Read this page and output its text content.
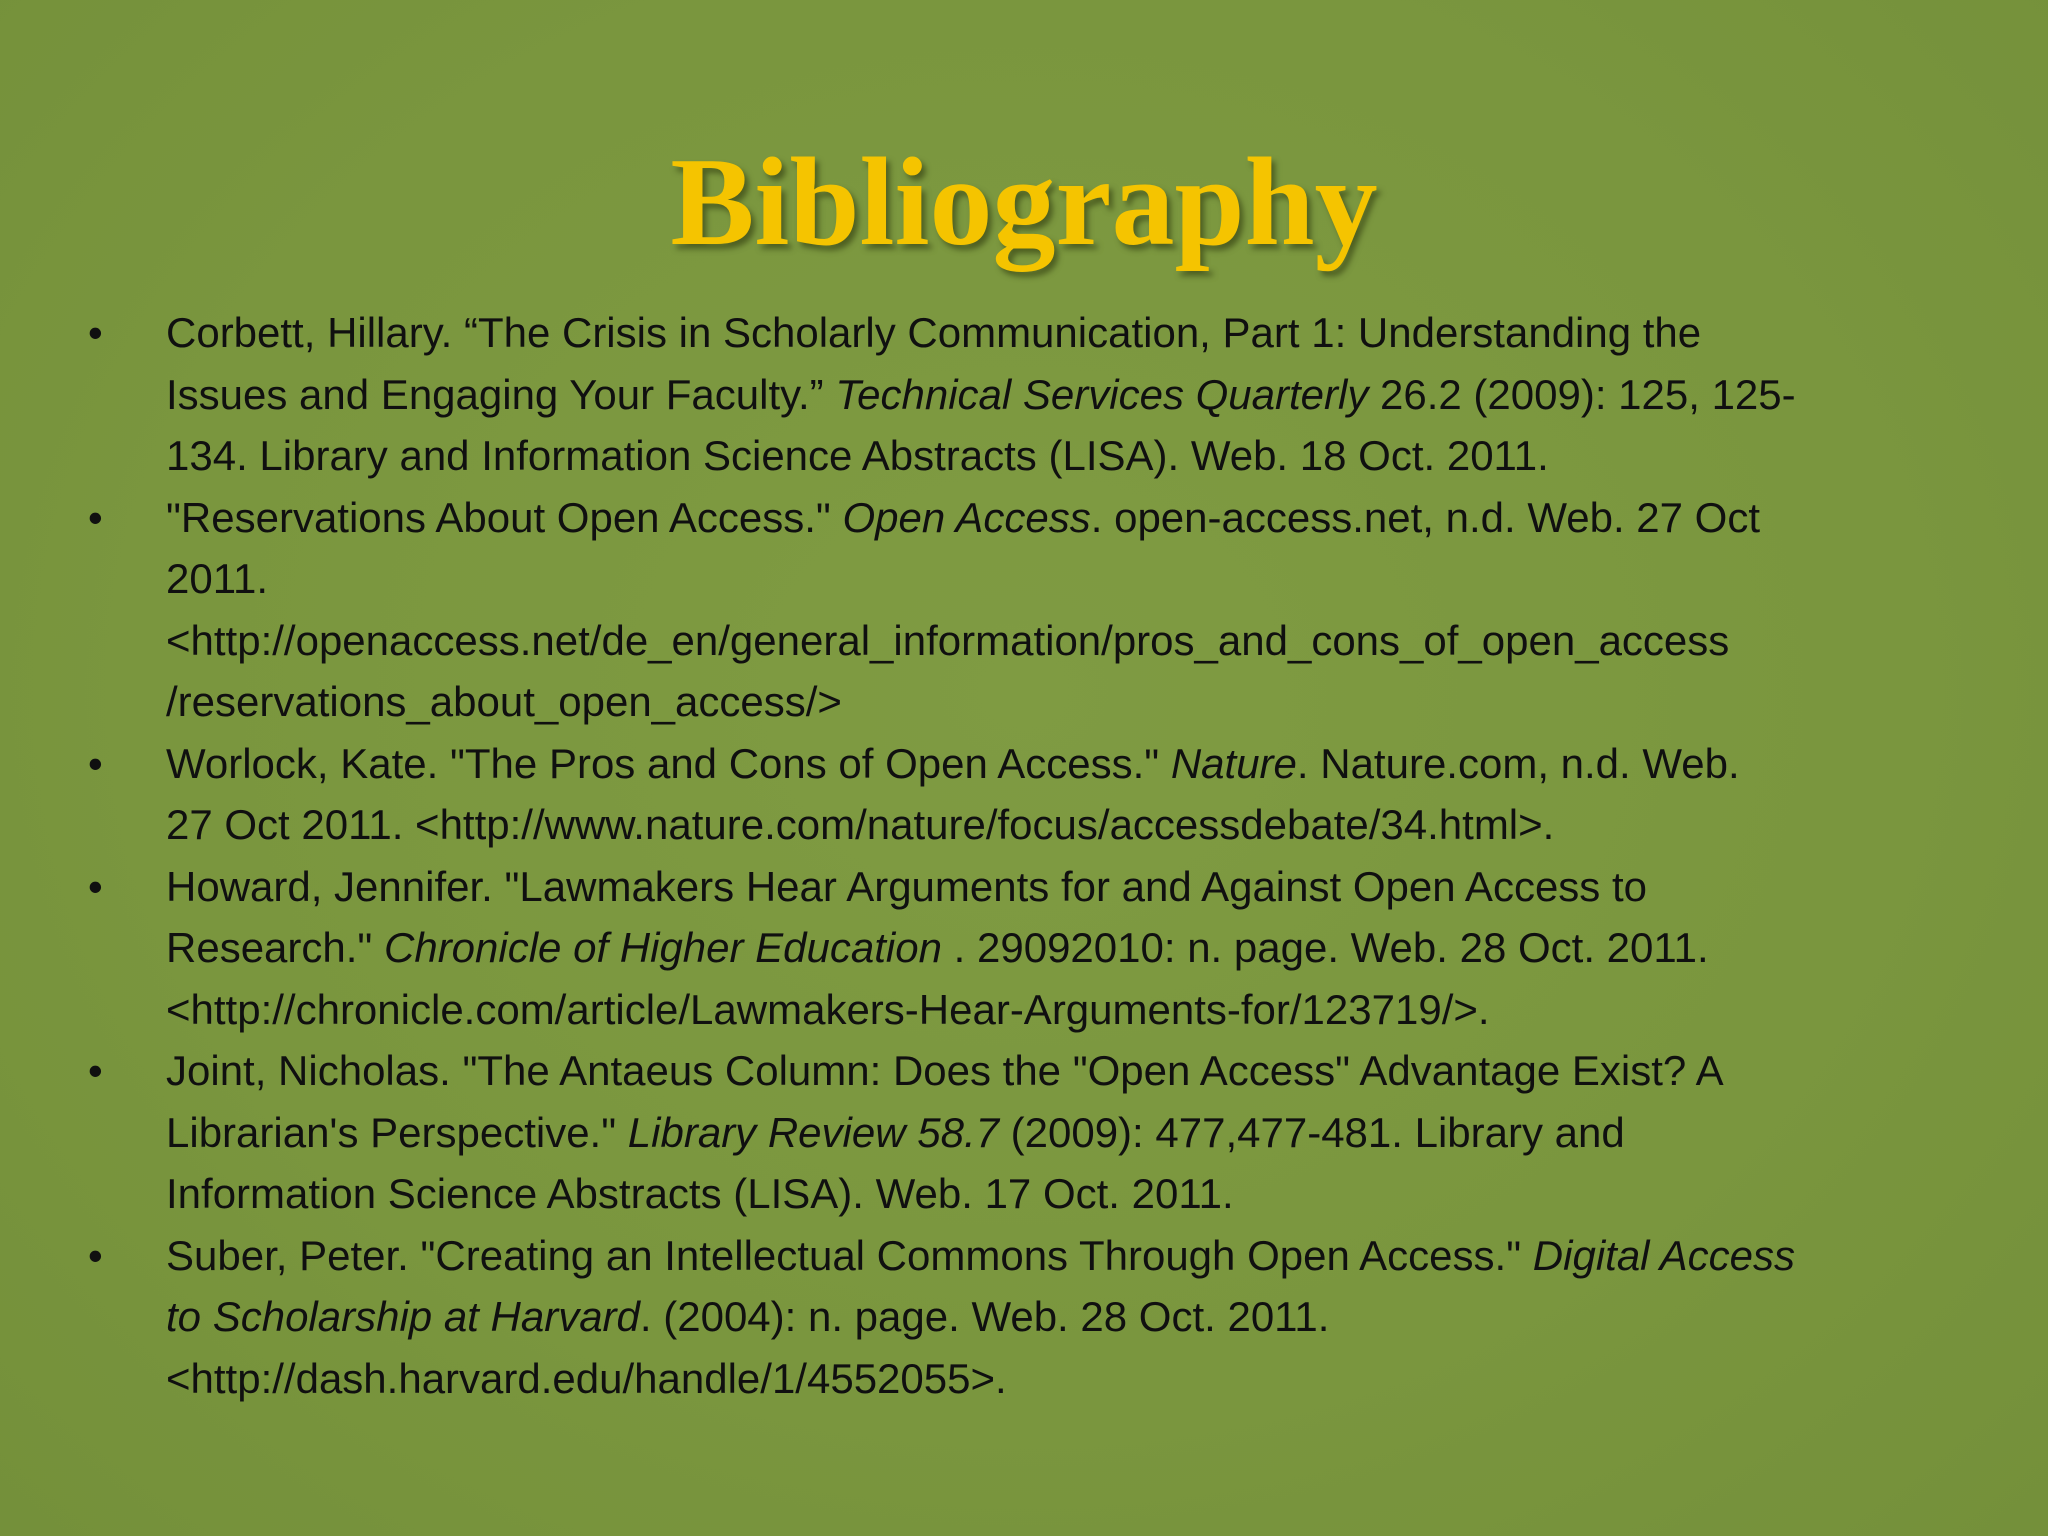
Bibliography
•	Corbett, Hillary. “The Crisis in Scholarly Communication, Part 1: Understanding the
Issues and Engaging Your Faculty.” Technical Services Quarterly 26.2 (2009): 125, 125-
134. Library and Information Science Abstracts (LISA). Web. 18 Oct. 2011.
•	"Reservations About Open Access." Open Access. open-access.net, n.d. Web. 27 Oct
2011.
<http://openaccess.net/de_en/general_information/pros_and_cons_of_open_access
/reservations_about_open_access/>
•	Worlock, Kate. "The Pros and Cons of Open Access." Nature. Nature.com, n.d. Web.
27 Oct 2011. <http://www.nature.com/nature/focus/accessdebate/34.html>.
•	Howard, Jennifer. "Lawmakers Hear Arguments for and Against Open Access to
Research." Chronicle of Higher Education . 29092010: n. page. Web. 28 Oct. 2011.
<http://chronicle.com/article/Lawmakers-Hear-Arguments-for/123719/>.
•	Joint, Nicholas. "The Antaeus Column: Does the "Open Access" Advantage Exist? A
Librarian's Perspective." Library Review 58.7 (2009): 477,477-481. Library and
Information Science Abstracts (LISA). Web. 17 Oct. 2011.
•	Suber, Peter. "Creating an Intellectual Commons Through Open Access." Digital Access
to Scholarship at Harvard. (2004): n. page. Web. 28 Oct. 2011.
<http://dash.harvard.edu/handle/1/4552055>.
